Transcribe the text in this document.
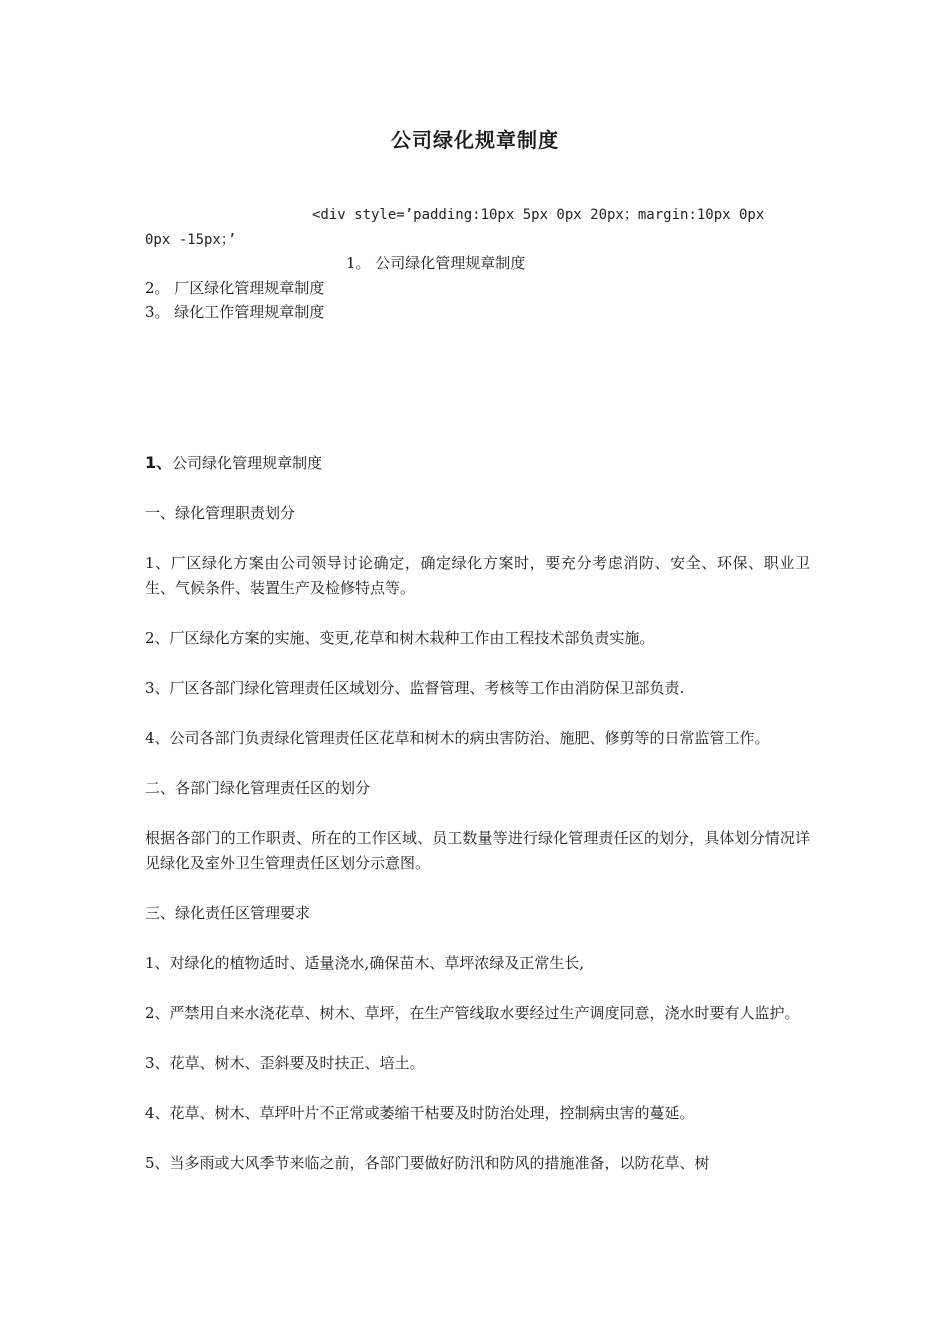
公司绿化规章制度
<div style=’padding:10px 5px 0px 20px；margin:10px 0px
0px -15px；’
1。 公司绿化管理规章制度
2。 厂区绿化管理规章制度
3。 绿化工作管理规章制度

1、公司绿化管理规章制度

一、绿化管理职责划分

1、厂区绿化方案由公司领导讨论确定，确定绿化方案时，要充分考虑消防、安全、环保、职业卫生、气候条件、装置生产及检修特点等。

2、厂区绿化方案的实施、变更,花草和树木栽种工作由工程技术部负责实施。

3、厂区各部门绿化管理责任区域划分、监督管理、考核等工作由消防保卫部负责.

4、公司各部门负责绿化管理责任区花草和树木的病虫害防治、施肥、修剪等的日常监管工作。

二、各部门绿化管理责任区的划分

根据各部门的工作职责、所在的工作区域、员工数量等进行绿化管理责任区的划分，具体划分情况详见绿化及室外卫生管理责任区划分示意图。

三、绿化责任区管理要求

1、对绿化的植物适时、适量浇水,确保苗木、草坪浓绿及正常生长,

2、严禁用自来水浇花草、树木、草坪，在生产管线取水要经过生产调度同意，浇水时要有人监护。

3、花草、树木、歪斜要及时扶正、培土。

4、花草、树木、草坪叶片不正常或萎缩干枯要及时防治处理，控制病虫害的蔓延。

5、当多雨或大风季节来临之前，各部门要做好防汛和防风的措施准备，以防花草、树
